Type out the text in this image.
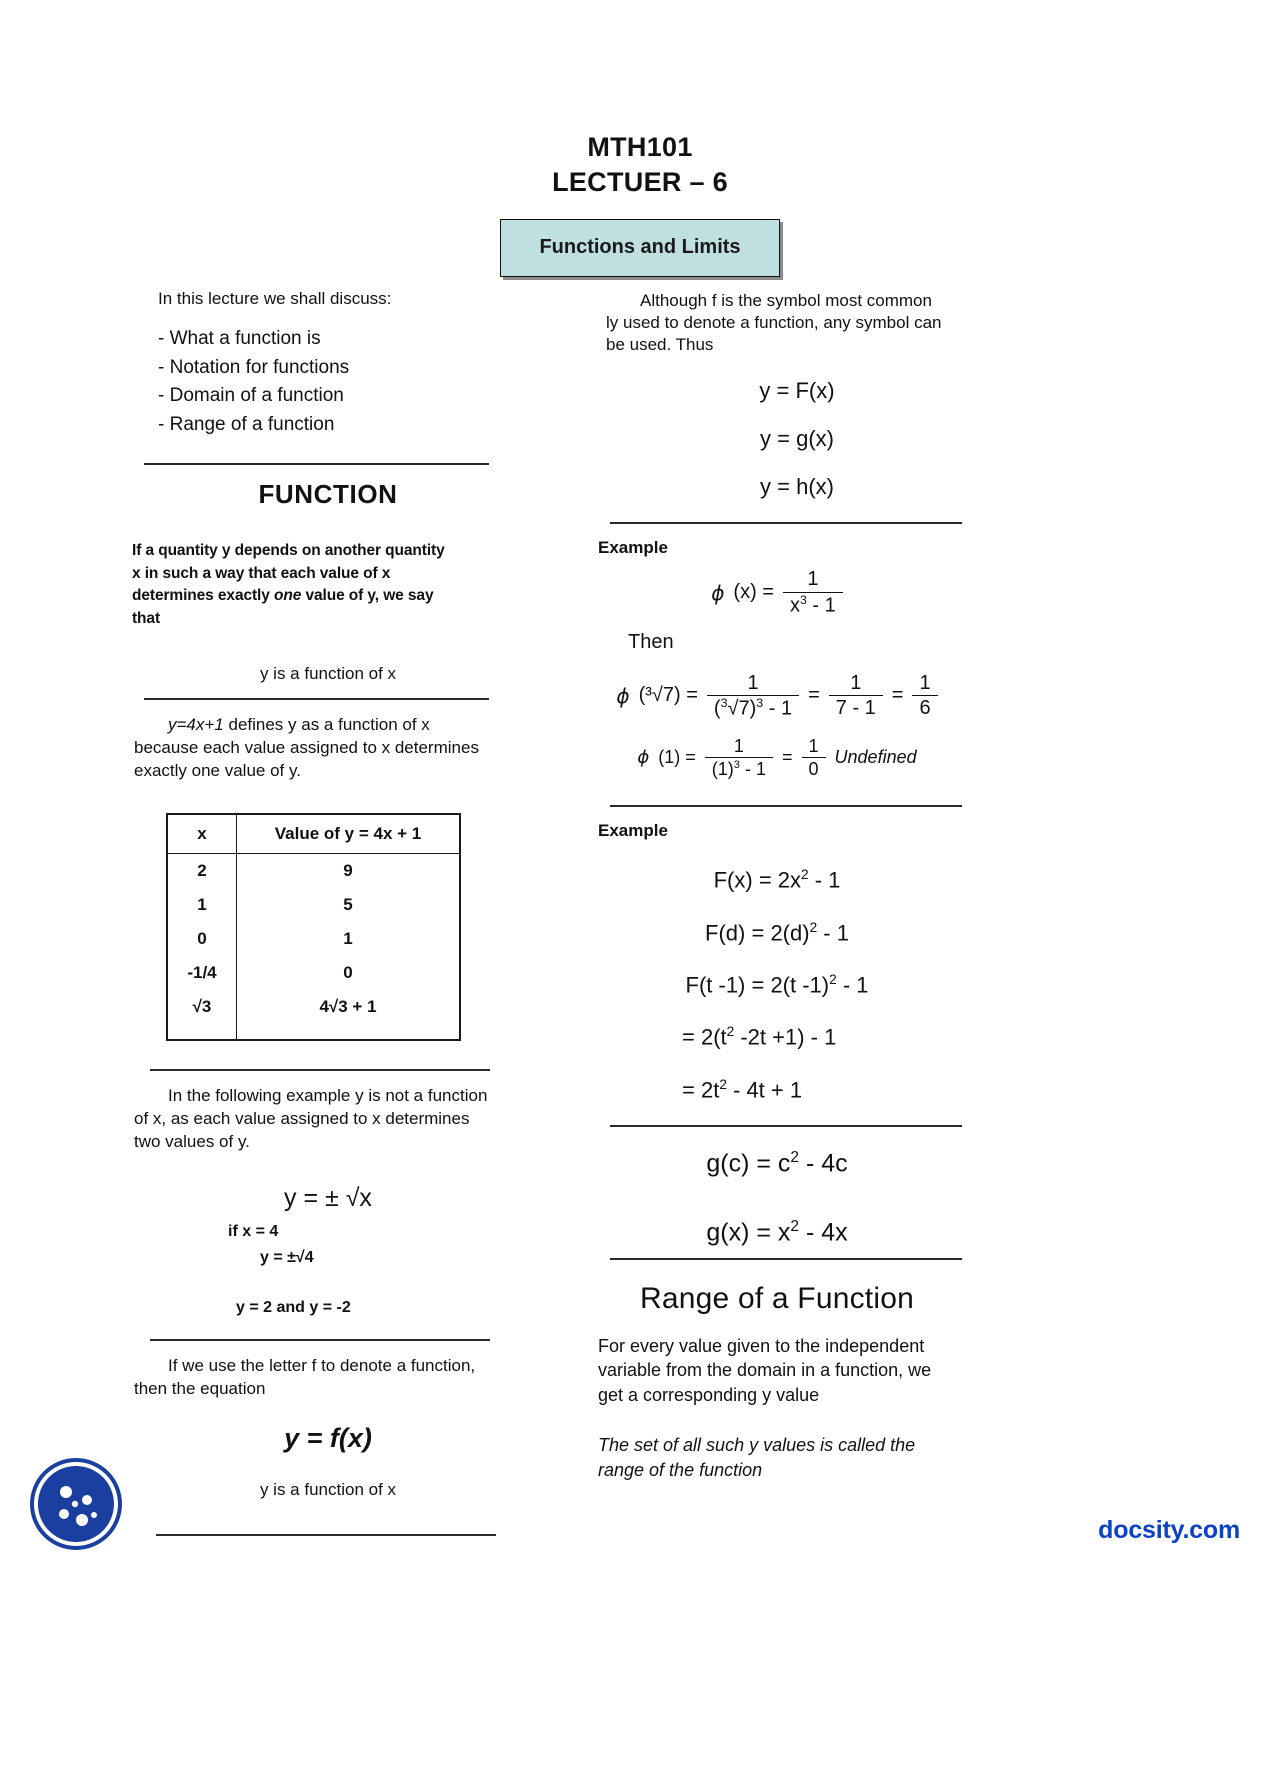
MTH101
LECTUER – 6
Functions and Limits
In this lecture we shall discuss:
- What a function is
- Notation for functions
- Domain of a function
- Range of a function
FUNCTION
If a quantity y depends on another quantity
x in such a way that each value of x
determines exactly one value of y, we say
that
y is a function of x
y=4x+1 defines y as a function of x
because each value assigned to x determines
exactly one value of y.
x	Value of y = 4x + 1
2	9
1	5
0	1
-1/4	0
√3	4√3 + 1
In the following example y is not a function
of x, as each value assigned to x determines
two values of y.
y = ± √x
if x = 4
y = ±√4
y = 2 and y = -2
If we use the letter f to denote a function,
then the equation
y = f(x)
y is a function of x
Although f is the symbol most common
ly used to denote a function, any symbol can
be used. Thus
y = F(x)
y = g(x)
y = h(x)
Example
ϕ $(x) = \frac{1}{x^3 - 1}$
Then
ϕ $(^3√7) = \frac{1}{(^3√7)^3 - 1} = \frac{1}{7 - 1} = \frac{1}{6}$
ϕ $(1) = \frac{1}{(1)^3 - 1} = \frac{1}{0}$ Undefined
Example
$F(x) = 2x^2 - 1$
$F(d) = 2(d)^2 - 1$
F(t -1) = 2(t -1)$^2$ - 1
= $2(t^2$ -2t +1) - 1
= $2t^2 - 4t + 1$
$g(c) = c^2 - 4c$
$g(x) = x^2 - 4x$
Range of a Function
For every value given to the independent
variable from the domain in a function, we
get a corresponding y value
The set of all such y values is called the
range of the function
docsity.com
